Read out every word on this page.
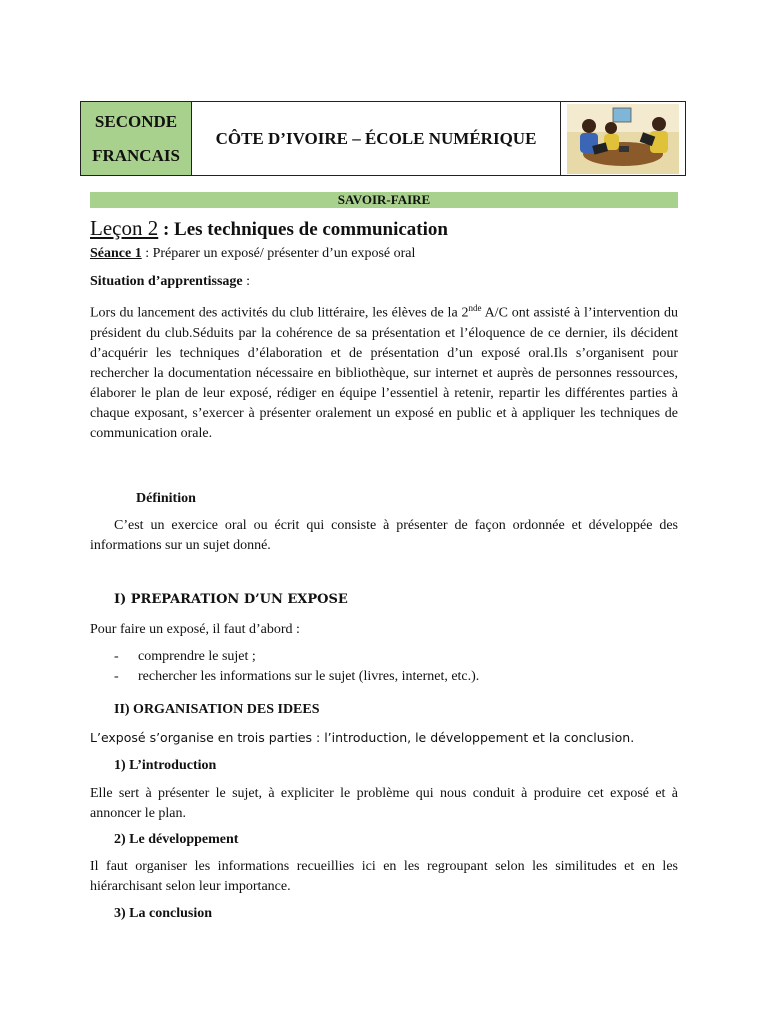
SECONDE
FRANCAIS
CÔTE D’IVOIRE – ÉCOLE NUMÉRIQUE
SAVOIR-FAIRE
Leçon 2 : Les techniques de communication
Séance 1 : Préparer un exposé/ présenter d’un exposé oral
Situation d’apprentissage :
Lors du lancement des activités du club littéraire, les élèves de la 2nde A/C ont assisté à l’intervention du président du club.Séduits par la cohérence de sa présentation et l’éloquence de ce dernier, ils décident d’acquérir les techniques d’élaboration et de présentation d’un exposé oral.Ils s’organisent pour rechercher la documentation nécessaire en bibliothèque, sur internet et auprès de personnes ressources, élaborer le plan de leur exposé, rédiger en équipe l’essentiel à retenir, repartir les différentes parties à chaque exposant, s’exercer à présenter oralement un exposé en public et à appliquer les techniques de communication orale.
Définition
C’est un exercice oral ou écrit qui consiste à présenter de façon ordonnée et développée des informations sur un sujet donné.
I) PREPARATION D’UN EXPOSE
Pour faire un exposé, il faut d’abord :
- comprendre le sujet ;
- rechercher les informations sur le sujet (livres, internet, etc.).
II) ORGANISATION DES IDEES
L’exposé s’organise en trois parties : l’introduction, le développement et la conclusion.
1) L’introduction
Elle sert à présenter le sujet, à expliciter le problème qui nous conduit à produire cet exposé et à annoncer le plan.
2) Le développement
Il faut organiser les informations recueillies ici en les regroupant selon les similitudes et en les hiérarchisant selon leur importance.
3) La conclusion
